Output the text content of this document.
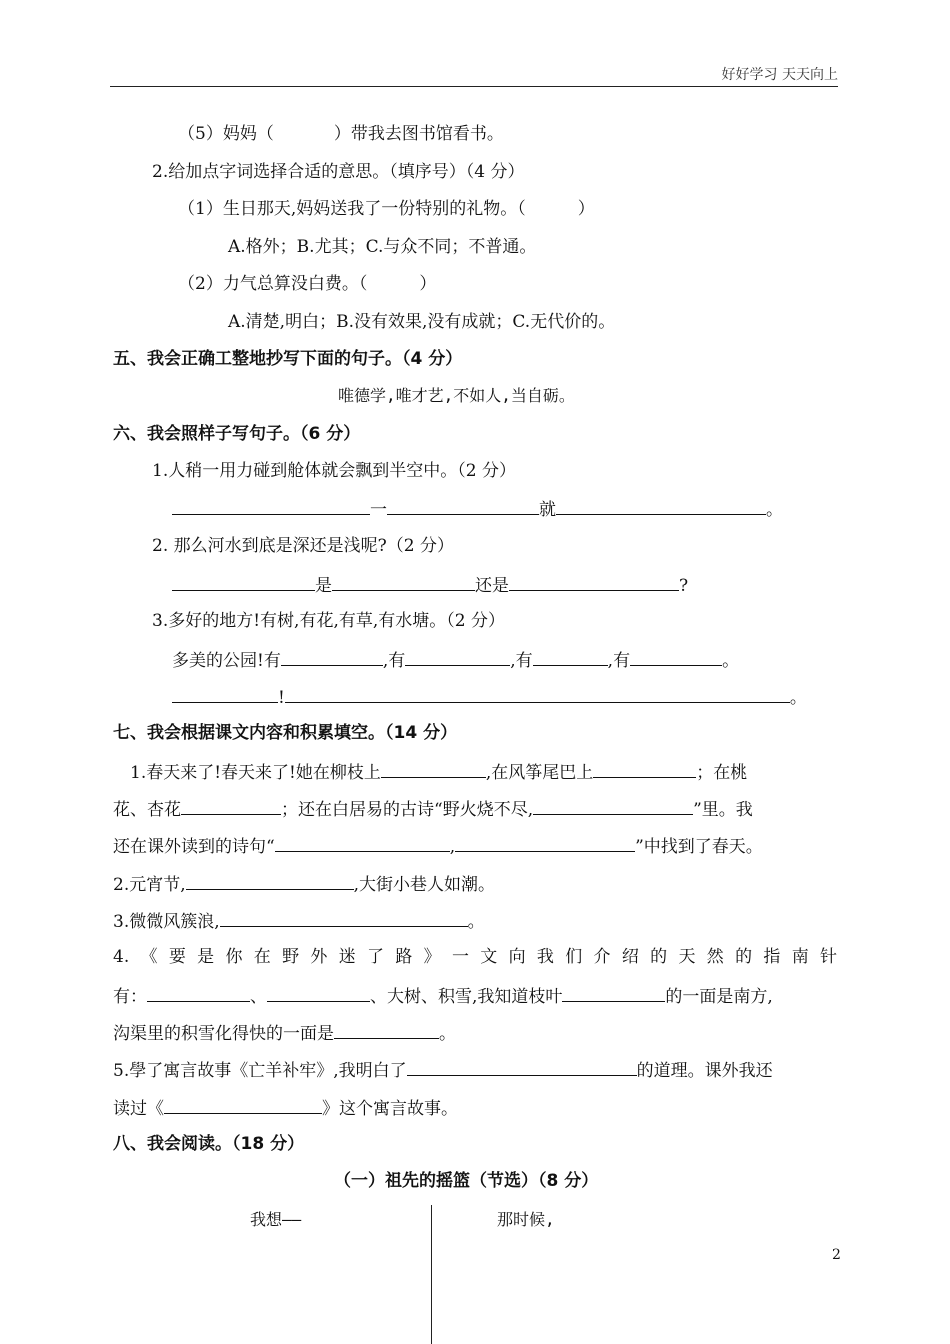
好好学习 天天向上
（5）妈妈（	）带我去图书馆看书。
2.给加点字词选择合适的意思。（填序号）（4 分）
（1）生日那天,妈妈送我了一份特别的礼物。（	）
A.格外；B.尤其；C.与众不同；不普通。
（2）力气总算没白费。（	）
A.清楚,明白；B.没有效果,没有成就；C.无代价的。
五、我会正确工整地抄写下面的句子。（4 分）
唯德学,唯才艺,不如人,当自砺。
六、我会照样子写句子。（6 分）
1.人稍一用力碰到舱体就会飘到半空中。（2 分）
一	就	。
2. 那么河水到底是深还是浅呢?（2 分）
是	还是	?
3.多好的地方!有树,有花,有草,有水塘。（2 分）
多美的公园!有	,有	,有	,有	。
!	。
七、我会根据课文内容和积累填空。（14 分）
1.春天来了!春天来了!她在柳枝上	,在风筝尾巴上	；在桃
花、杏花	；还在白居易的古诗“野火烧不尽,	”里。我
还在课外读到的诗句“	,	”中找到了春天。
2.元宵节,	,大街小巷人如潮。
3.微微风簇浪,	。
4.《要是你在野外迷了路》一文向我们介绍的天然的指南针
有：	、	、大树、积雪,我知道枝叶	的一面是南方,
沟渠里的积雪化得快的一面是	。
5.學了寓言故事《亡羊补牢》,我明白了	的道理。课外我还
读过《	》这个寓言故事。
八、我会阅读。（18 分）
（一）祖先的摇篮（节选）（8 分）
我想——	那时候,
2
